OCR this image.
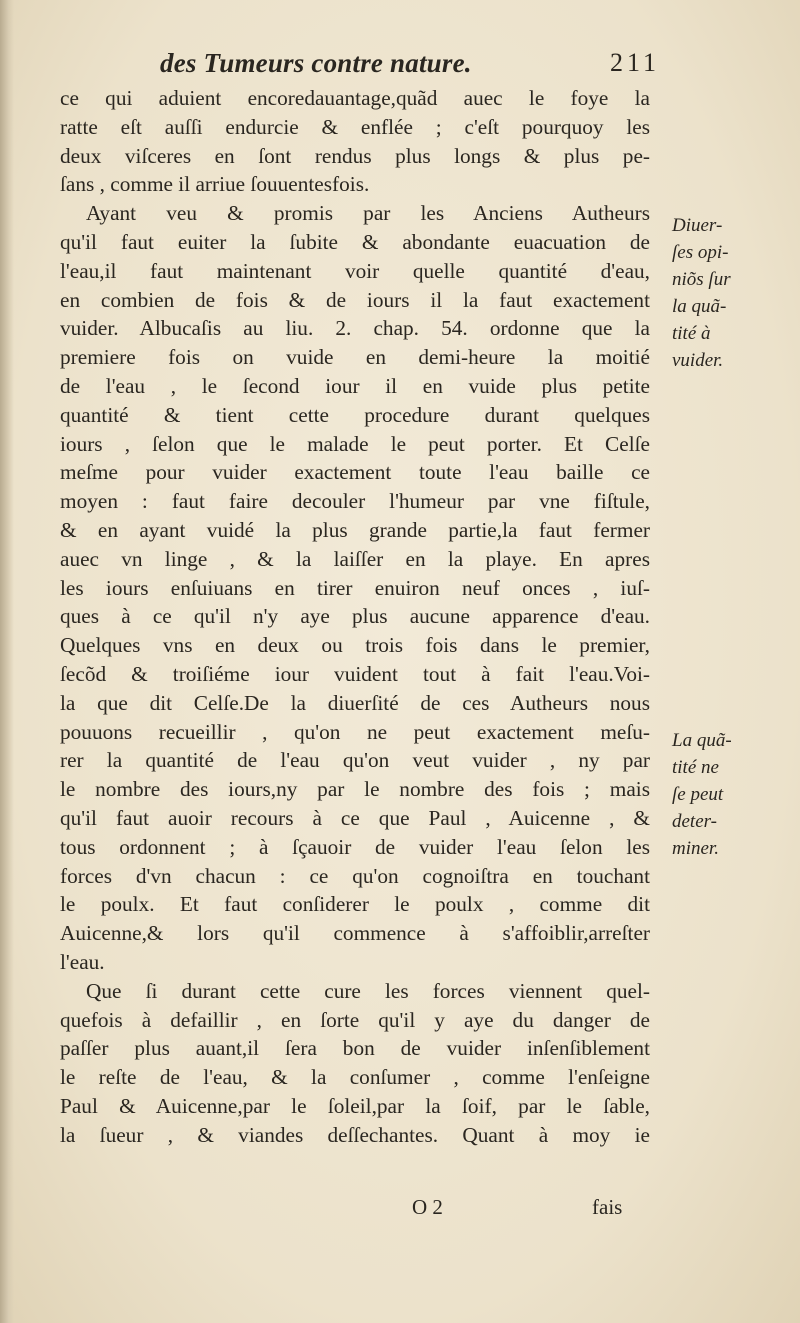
des Tumeurs contre nature.	211
ce qui aduient encoredauantage,quãd auec le foye la
ratte eſt auſſi endurcie & enflée ; c'eſt pourquoy les
deux viſceres en ſont rendus plus longs & plus pe-
ſans , comme il arriue ſouuentesfois.
Ayant veu & promis par les Anciens Autheurs
qu'il faut euiter la ſubite & abondante euacuation de
l'eau,il faut maintenant voir quelle quantité d'eau,
en combien de fois & de iours il la faut exactement
vuider. Albucaſis au liu. 2. chap. 54. ordonne que la
premiere fois on vuide en demi-heure la moitié
de l'eau , le ſecond iour il en vuide plus petite
quantité & tient cette procedure durant quelques
iours , ſelon que le malade le peut porter. Et Celſe
meſme pour vuider exactement toute l'eau baille ce
moyen : faut faire decouler l'humeur par vne fiſtule,
& en ayant vuidé la plus grande partie,la faut fermer
auec vn linge , & la laiſſer en la playe. En apres
les iours enſuiuans en tirer enuiron neuf onces , iuſ-
ques à ce qu'il n'y aye plus aucune apparence d'eau.
Quelques vns en deux ou trois fois dans le premier,
ſecõd & troiſiéme iour vuident tout à fait l'eau.Voi-
la que dit Celſe.De la diuerſité de ces Autheurs nous
pouuons recueillir , qu'on ne peut exactement meſu-
rer la quantité de l'eau qu'on veut vuider , ny par
le nombre des iours,ny par le nombre des fois ; mais
qu'il faut auoir recours à ce que Paul , Auicenne , &
tous ordonnent ; à ſçauoir de vuider l'eau ſelon les
forces d'vn chacun : ce qu'on cognoiſtra en touchant
le poulx. Et faut conſiderer le poulx , comme dit
Auicenne,& lors qu'il commence à s'affoiblir,arreſter
l'eau.
Que ſi durant cette cure les forces viennent quel-
quefois à defaillir , en ſorte qu'il y aye du danger de
paſſer plus auant,il ſera bon de vuider inſenſiblement
le reſte de l'eau, & la conſumer , comme l'enſeigne
Paul & Auicenne,par le ſoleil,par la ſoif, par le ſable,
la ſueur , & viandes deſſechantes. Quant à moy ie
Diuer-
ſes opi-
niõs ſur
la quã-
tité à
vuider.
La quã-
tité ne
ſe peut
deter-
miner.
O 2	fais
